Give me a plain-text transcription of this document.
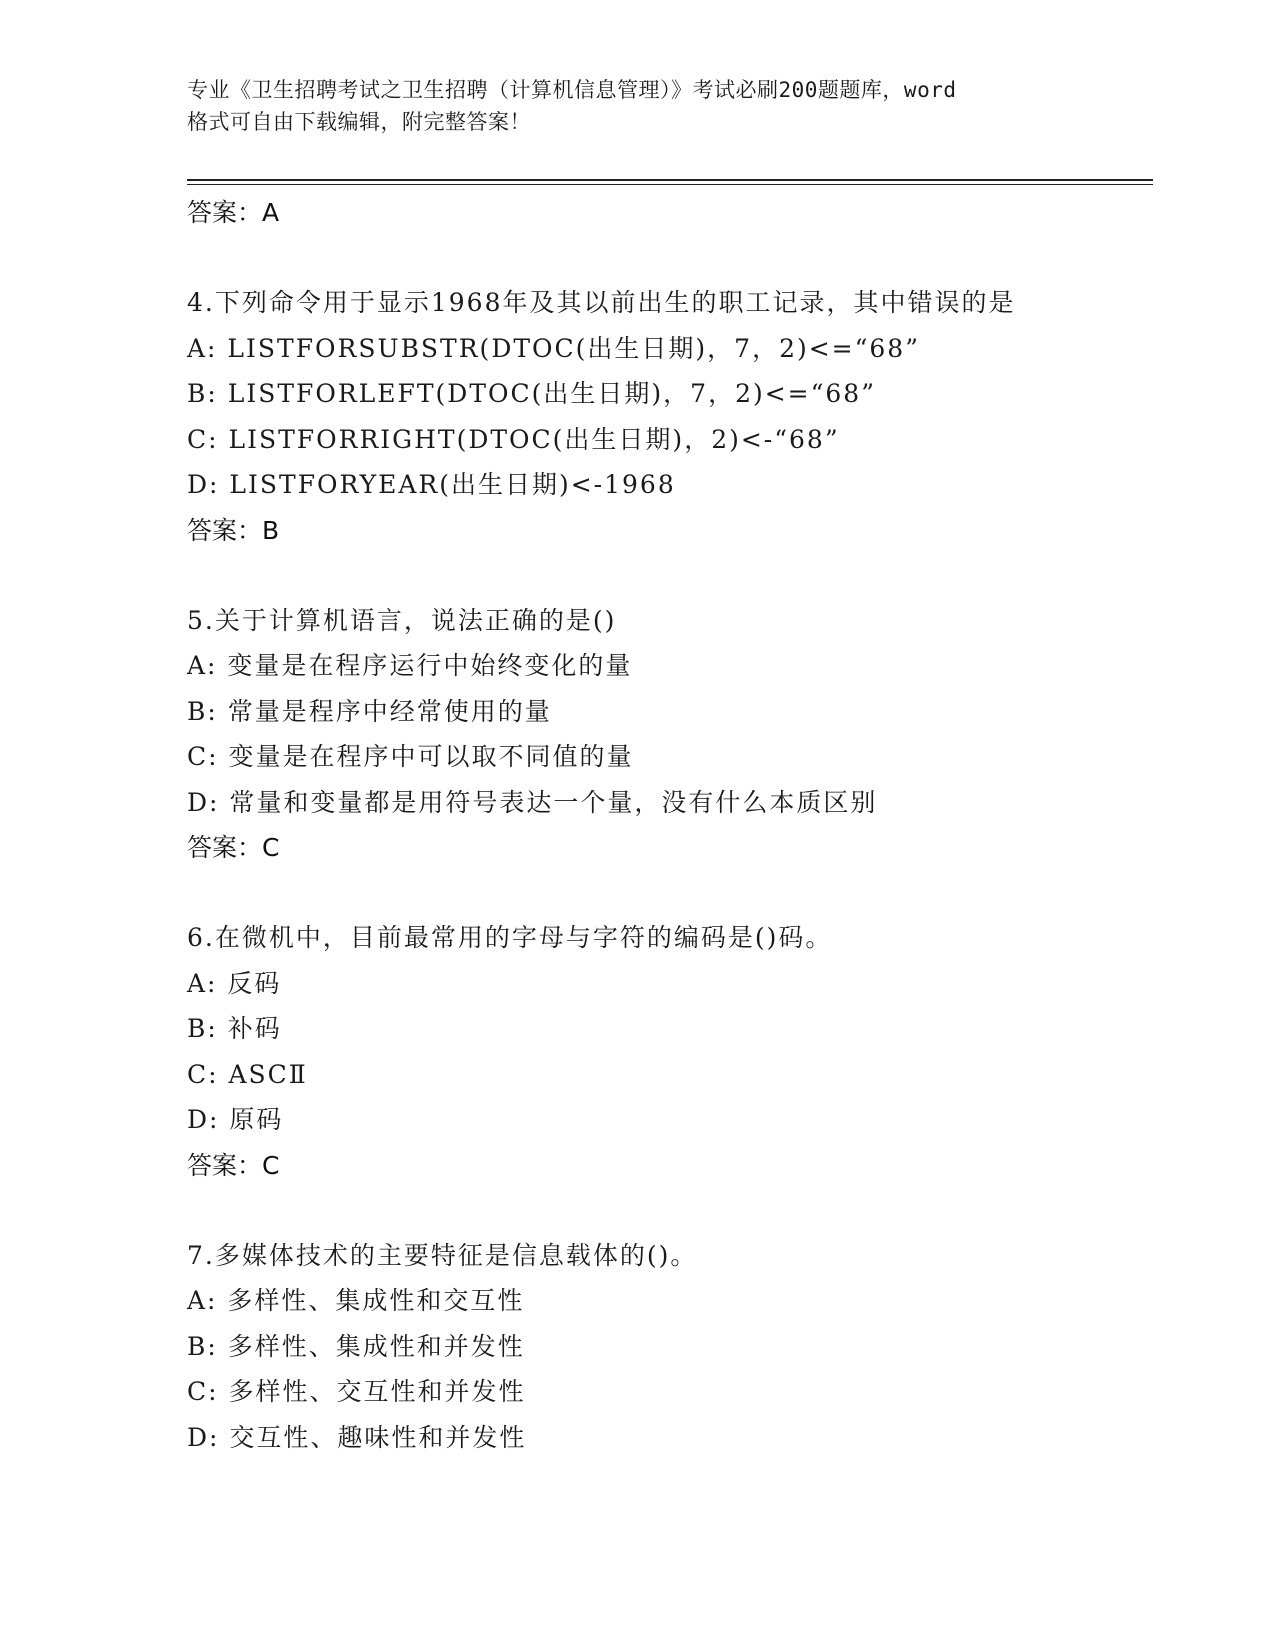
专业《卫生招聘考试之卫生招聘（计算机信息管理）》考试必刷200题题库，word
格式可自由下载编辑，附完整答案！
答案：A
4.下列命令用于显示1968年及其以前出生的职工记录，其中错误的是
A: LISTFORSUBSTR(DTOC(出生日期)，7，2)<=“68”
B: LISTFORLEFT(DTOC(出生日期)，7，2)<=“68”
C: LISTFORRIGHT(DTOC(出生日期)，2)<-“68”
D: LISTFORYEAR(出生日期)<-1968
答案：B
5.关于计算机语言，说法正确的是()
A: 变量是在程序运行中始终变化的量
B: 常量是程序中经常使用的量
C: 变量是在程序中可以取不同值的量
D: 常量和变量都是用符号表达一个量，没有什么本质区别
答案：C
6.在微机中，目前最常用的字母与字符的编码是()码。
A: 反码
B: 补码
C: ASCⅡ
D: 原码
答案：C
7.多媒体技术的主要特征是信息载体的()。
A: 多样性、集成性和交互性
B: 多样性、集成性和并发性
C: 多样性、交互性和并发性
D: 交互性、趣味性和并发性
